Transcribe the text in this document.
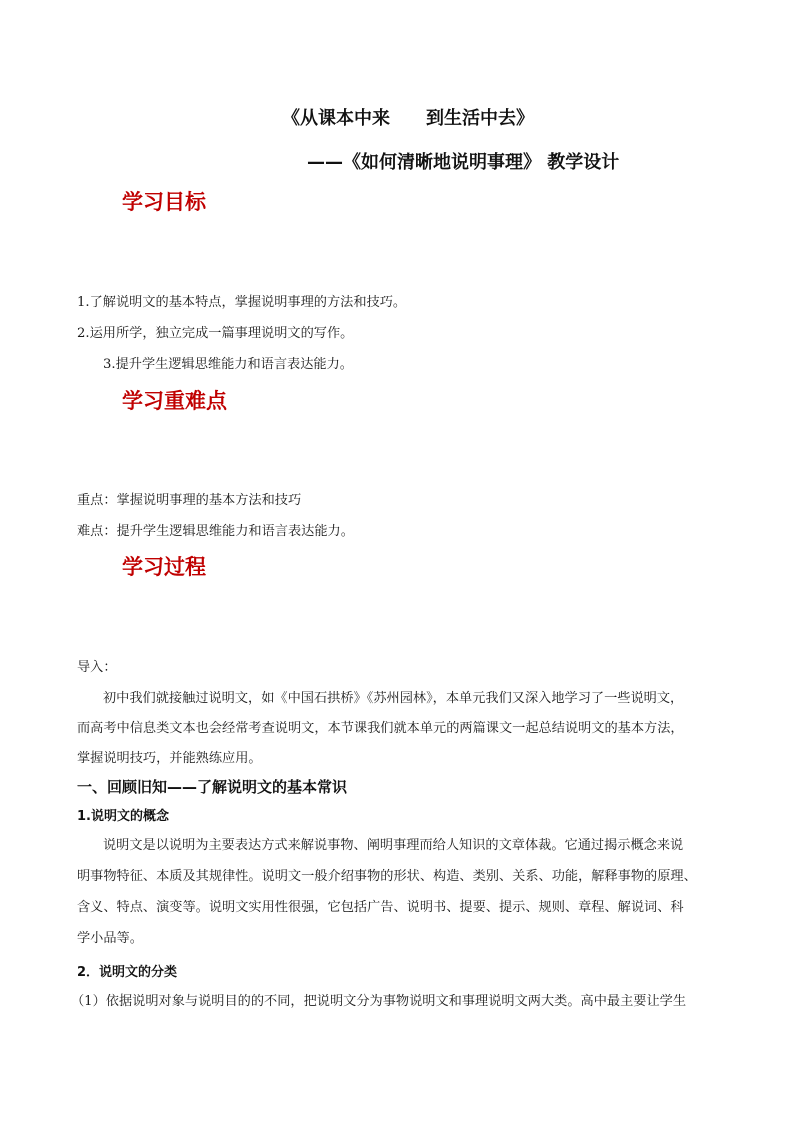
《从课本中来　　到生活中去》
——《如何清晰地说明事理》 教学设计
学习目标
1.了解说明文的基本特点，掌握说明事理的方法和技巧。
2.运用所学，独立完成一篇事理说明文的写作。
3.提升学生逻辑思维能力和语言表达能力。
学习重难点
重点：掌握说明事理的基本方法和技巧
难点：提升学生逻辑思维能力和语言表达能力。
学习过程
导入：
初中我们就接触过说明文，如《中国石拱桥》《苏州园林》，本单元我们又深入地学习了一些说明文，
而高考中信息类文本也会经常考查说明文，本节课我们就本单元的两篇课文一起总结说明文的基本方法，
掌握说明技巧，并能熟练应用。
一、回顾旧知——了解说明文的基本常识
1.说明文的概念
说明文是以说明为主要表达方式来解说事物、阐明事理而给人知识的文章体裁。它通过揭示概念来说
明事物特征、本质及其规律性。说明文一般介绍事物的形状、构造、类别、关系、功能，解释事物的原理、
含义、特点、演变等。说明文实用性很强，它包括广告、说明书、提要、提示、规则、章程、解说词、科
学小品等。
2．说明文的分类
（1）依据说明对象与说明目的的不同，把说明文分为事物说明文和事理说明文两大类。高中最主要让学生
